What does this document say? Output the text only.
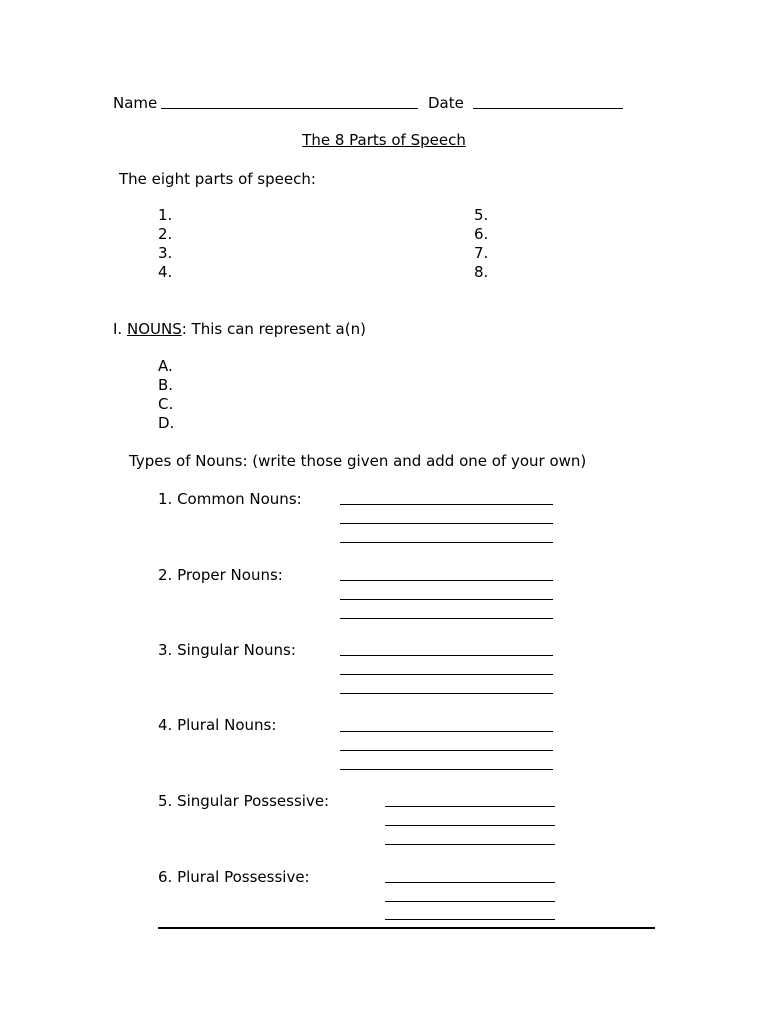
Name	Date
The 8 Parts of Speech
The eight parts of speech:
1.
2.
3.
4.
5.
6.
7.
8.
I. NOUNS: This can represent a(n)
A.
B.
C.
D.
Types of Nouns: (write those given and add one of your own)
1. Common Nouns:
2. Proper Nouns:
3. Singular Nouns:
4. Plural Nouns:
5. Singular Possessive:
6. Plural Possessive:
